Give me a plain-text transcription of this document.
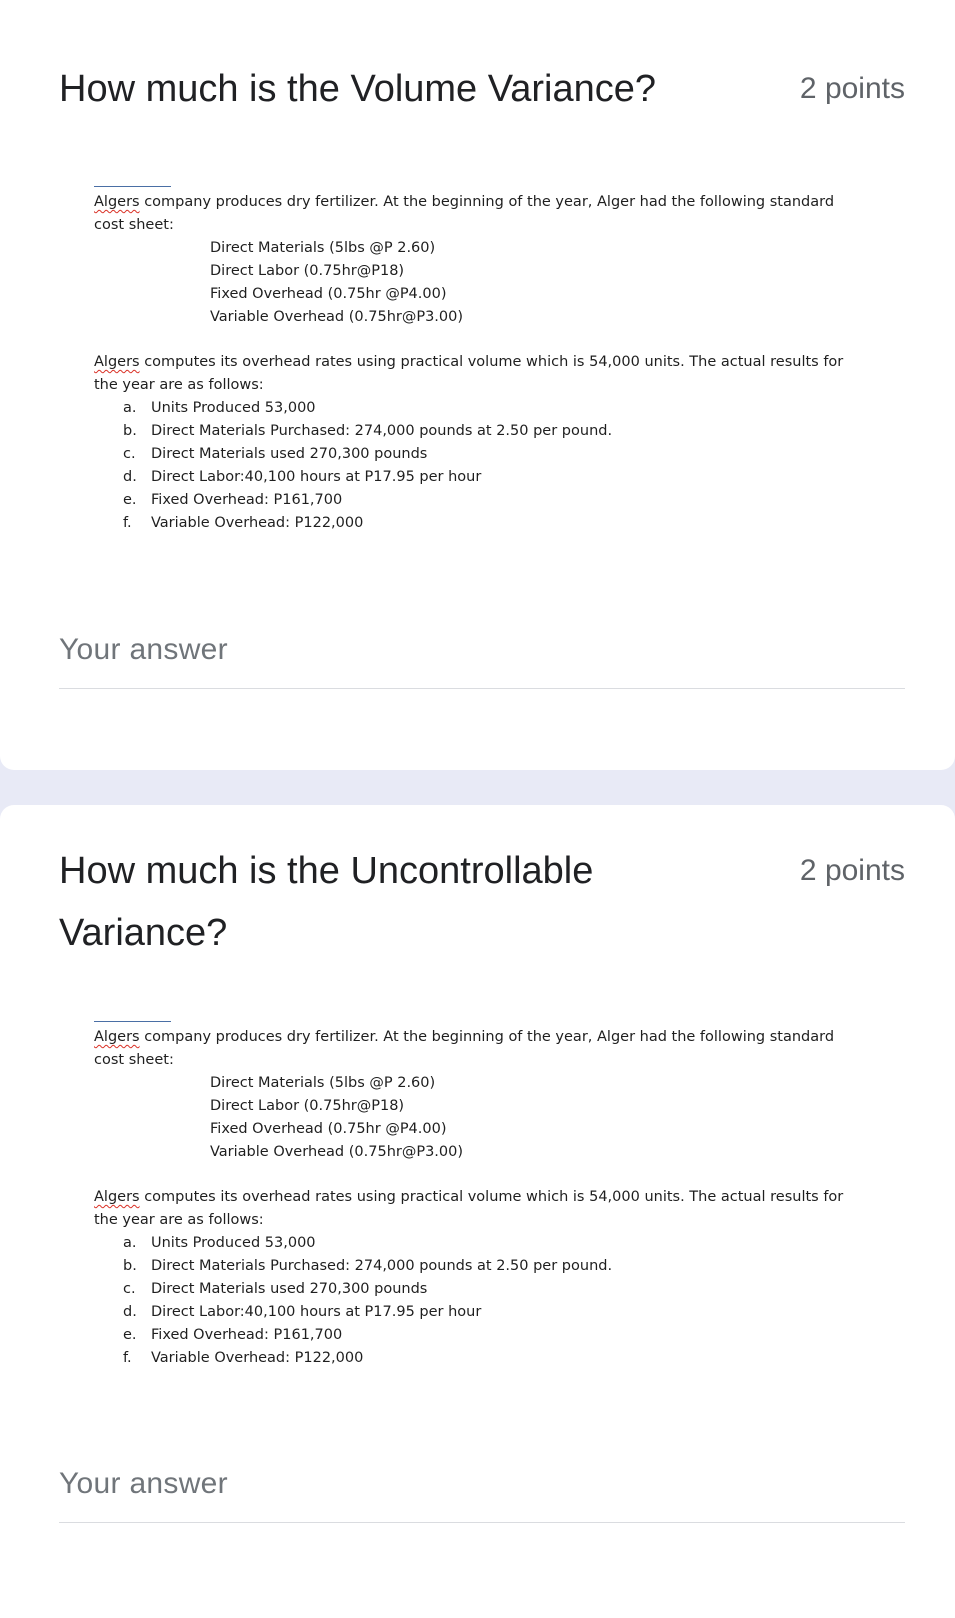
How much is the Volume Variance?	2 points

Algers company produces dry fertilizer. At the beginning of the year, Alger had the following standard cost sheet:

Direct Materials (5lbs @P 2.60)
Direct Labor (0.75hr@P18)
Fixed Overhead (0.75hr @P4.00)
Variable Overhead (0.75hr@P3.00)

Algers computes its overhead rates using practical volume which is 54,000 units. The actual results for the year are as follows:

a.	Units Produced 53,000
b. Direct Materials Purchased: 274,000 pounds at 2.50 per pound.
c.	Direct Materials used 270,300 pounds
d. Direct Labor:40,100 hours at P17.95 per hour
e. Fixed Overhead: P161,700
f.	Variable Overhead: P122,000
Your answer
How much is the Uncontrollable Variance?
2 points

Algers company produces dry fertilizer. At the beginning of the year, Alger had the following standard cost sheet:

Direct Materials (5lbs @P 2.60)
Direct Labor (0.75hr@P18)
Fixed Overhead (0.75hr @P4.00)
Variable Overhead (0.75hr@P3.00)

Algers computes its overhead rates using practical volume which is 54,000 units. The actual results for the year are as follows:

a.	Units Produced 53,000
b. Direct Materials Purchased: 274,000 pounds at 2.50 per pound.
c.	Direct Materials used 270,300 pounds
d. Direct Labor:40,100 hours at P17.95 per hour
e. Fixed Overhead: P161,700
f.	Variable Overhead: P122,000
Your answer
